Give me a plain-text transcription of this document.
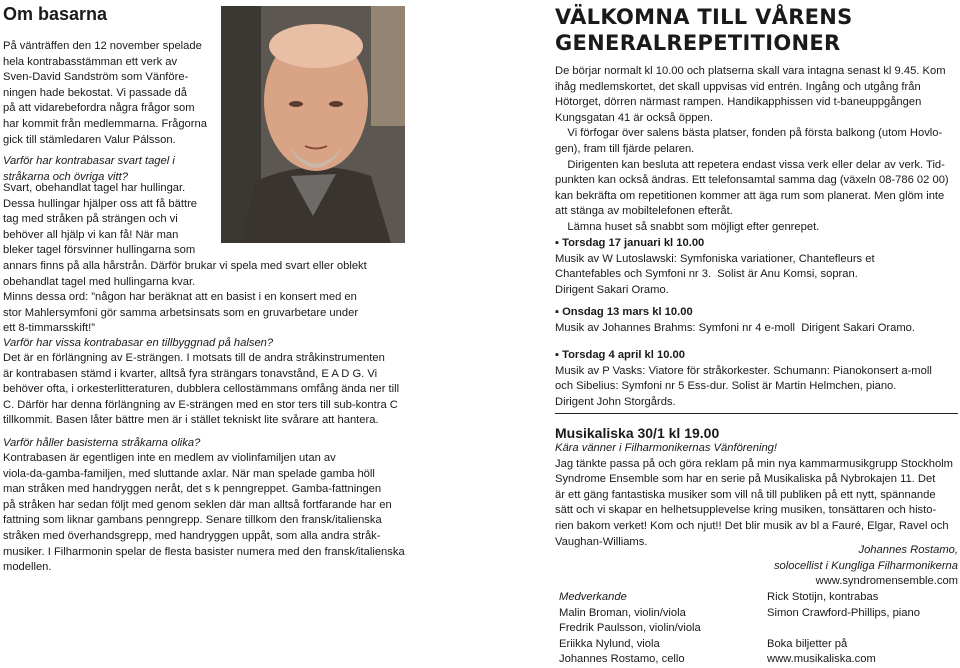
Om basarna
På vänträffen den 12 november spelade
hela kontrabasstämman ett verk av
Sven-David Sandström som Vänföre-
ningen hade bekostat. Vi passade då
på att vidarebefordra några frågor som
har kommit från medlemmarna. Frågorna
gick till stämledaren Valur Pálsson.
Varför har kontrabasar svart tagel i
stråkarna och övriga vitt?
Svart, obehandlat tagel har hullingar.
Dessa hullingar hjälper oss att få bättre
tag med stråken på strängen och vi
behöver all hjälp vi kan få! När man
bleker tagel försvinner hullingarna som
annars finns på alla hårstrån. Därför brukar vi spela med svart eller oblekt
obehandlat tagel med hullingarna kvar.
Minns dessa ord: ”någon har beräknat att en basist i en konsert med en
stor Mahlersymfoni gör samma arbetsinsats som en gruvarbetare under
ett 8-timmarsskift!”
Varför har vissa kontrabasar en tillbyggnad på halsen?
Det är en förlängning av E-strängen. I motsats till de andra stråkinstrumenten
är kontrabasen stämd i kvarter, alltså fyra strängars tonavstånd, E A D G. Vi
behöver ofta, i orkesterlitteraturen, dubblera cellostämmans omfång ända ner till
C. Därför har denna förlängning av E-strängen med en stor ters till sub-kontra C
tillkommit. Basen låter bättre men är i stället tekniskt lite svårare att hantera.
Varför håller basisterna stråkarna olika?
Kontrabasen är egentligen inte en medlem av violinfamiljen utan av
viola-da-gamba-familjen, med sluttande axlar. När man spelade gamba höll
man stråken med handryggen neråt, det s k penngreppet. Gamba-fattningen
på stråken har sedan följt med genom seklen där man alltså fortfarande har en
fattning som liknar gambans penngrepp. Senare tillkom den fransk/italienska
stråken med överhandsgrepp, med handryggen uppåt, som alla andra stråk-
musiker. I Filharmonin spelar de flesta basister numera med den fransk/italienska
modellen.
VÄLKOMNA TILL VÅRENS
GENERALREPETITIONER
De börjar normalt kl 10.00 och platserna skall vara intagna senast kl 9.45. Kom
ihåg medlemskortet, det skall uppvisas vid entrén. Ingång och utgång från
Hötorget, dörren närmast rampen. Handikapphissen vid t-baneuppgången
Kungsgatan 41 är också öppen.
Vi förfogar över salens bästa platser, fonden på första balkong (utom Hovlo-
gen), fram till fjärde pelaren.
Dirigenten kan besluta att repetera endast vissa verk eller delar av verk. Tid-
punkten kan också ändras. Ett telefonsamtal samma dag (växeln 08-786 02 00)
kan bekräfta om repetitionen kommer att äga rum som planerat. Men glöm inte
att stänga av mobiltelefonen efteråt.
Lämna huset så snabbt som möjligt efter genrepet.
▪ Torsdag 17 januari kl 10.00
Musik av W Lutoslawski: Symfoniska variationer, Chantefleurs et
Chantefables och Symfoni nr 3.  Solist är Anu Komsi, sopran.
Dirigent Sakari Oramo.
▪ Onsdag 13 mars kl 10.00
Musik av Johannes Brahms: Symfoni nr 4 e-moll  Dirigent Sakari Oramo.
▪ Torsdag 4 april kl 10.00
Musik av P Vasks: Viatore för stråkorkester. Schumann: Pianokonsert a-moll
och Sibelius: Symfoni nr 5 Ess-dur. Solist är Martin Helmchen, piano.
Dirigent John Storgårds.
Musikaliska 30/1 kl 19.00
Kära vänner i Filharmonikernas Vänförening!
Jag tänkte passa på och göra reklam på min nya kammarmusikgrupp Stockholm
Syndrome Ensemble som har en serie på Musikaliska på Nybrokajen 11. Det
är ett gäng fantastiska musiker som vill nå till publiken på ett nytt, spännande
sätt och vi skapar en helhetsupplevelse kring musiken, tonsättaren och histo-
rien bakom verket! Kom och njut!! Det blir musik av bl a Fauré, Elgar, Ravel och
Vaughan-Williams.
Johannes Rostamo,
solocellist i Kungliga Filharmonikerna
www.syndromensemble.com
Medverkande
Malin Broman, violin/viola
Fredrik Paulsson, violin/viola
Eriikka Nylund, viola
Johannes Rostamo, cello
Rick Stotijn, kontrabas
Simon Crawford-Phillips, piano

Boka biljetter på
www.musikaliska.com
